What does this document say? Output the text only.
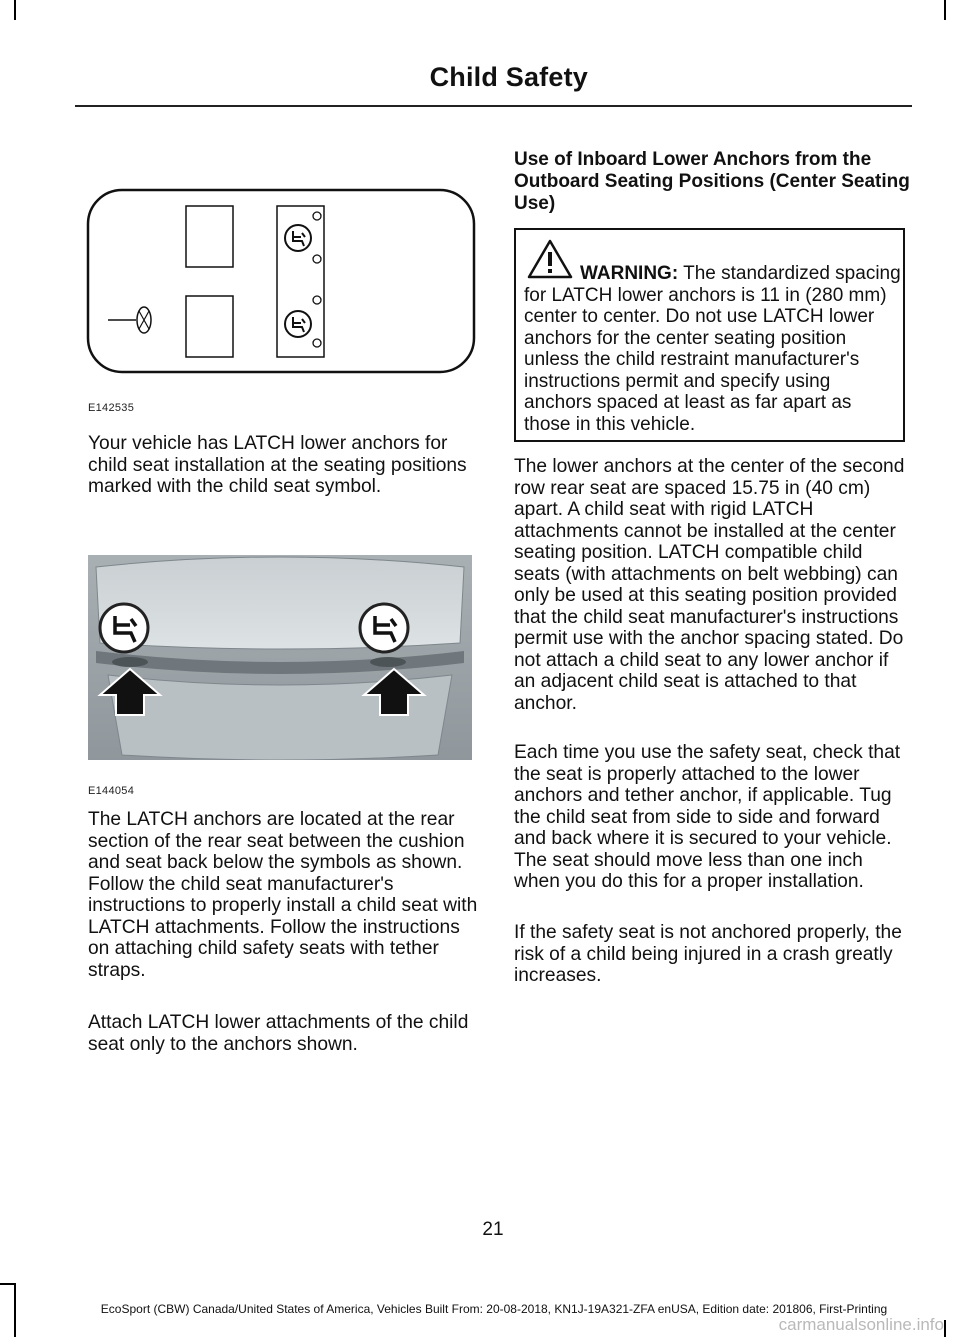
Child Safety
E142535

Your vehicle has LATCH lower anchors for child seat installation at the seating positions marked with the child seat symbol.

E144054

The LATCH anchors are located at the rear section of the rear seat between the cushion and seat back below the symbols as shown. Follow the child seat manufacturer's instructions to properly install a child seat with LATCH attachments. Follow the instructions on attaching child safety seats with tether straps.

Attach LATCH lower attachments of the child seat only to the anchors shown.

Use of Inboard Lower Anchors from the Outboard Seating Positions (Center Seating Use)

WARNING: The standardized spacing for LATCH lower anchors is 11 in (280 mm) center to center. Do not use LATCH lower anchors for the center seating position unless the child restraint manufacturer's instructions permit and specify using anchors spaced at least as far apart as those in this vehicle.

The lower anchors at the center of the second row rear seat are spaced 15.75 in (40 cm) apart. A child seat with rigid LATCH attachments cannot be installed at the center seating position. LATCH compatible child seats (with attachments on belt webbing) can only be used at this seating position provided that the child seat manufacturer's instructions permit use with the anchor spacing stated. Do not attach a child seat to any lower anchor if an adjacent child seat is attached to that anchor.

Each time you use the safety seat, check that the seat is properly attached to the lower anchors and tether anchor, if applicable. Tug the child seat from side to side and forward and back where it is secured to your vehicle. The seat should move less than one inch when you do this for a proper installation.

If the safety seat is not anchored properly, the risk of a child being injured in a crash greatly increases.

21
EcoSport (CBW) Canada/United States of America, Vehicles Built From: 20-08-2018, KN1J-19A321-ZFA enUSA, Edition date: 201806, First-Printing
carmanualsonline.info
